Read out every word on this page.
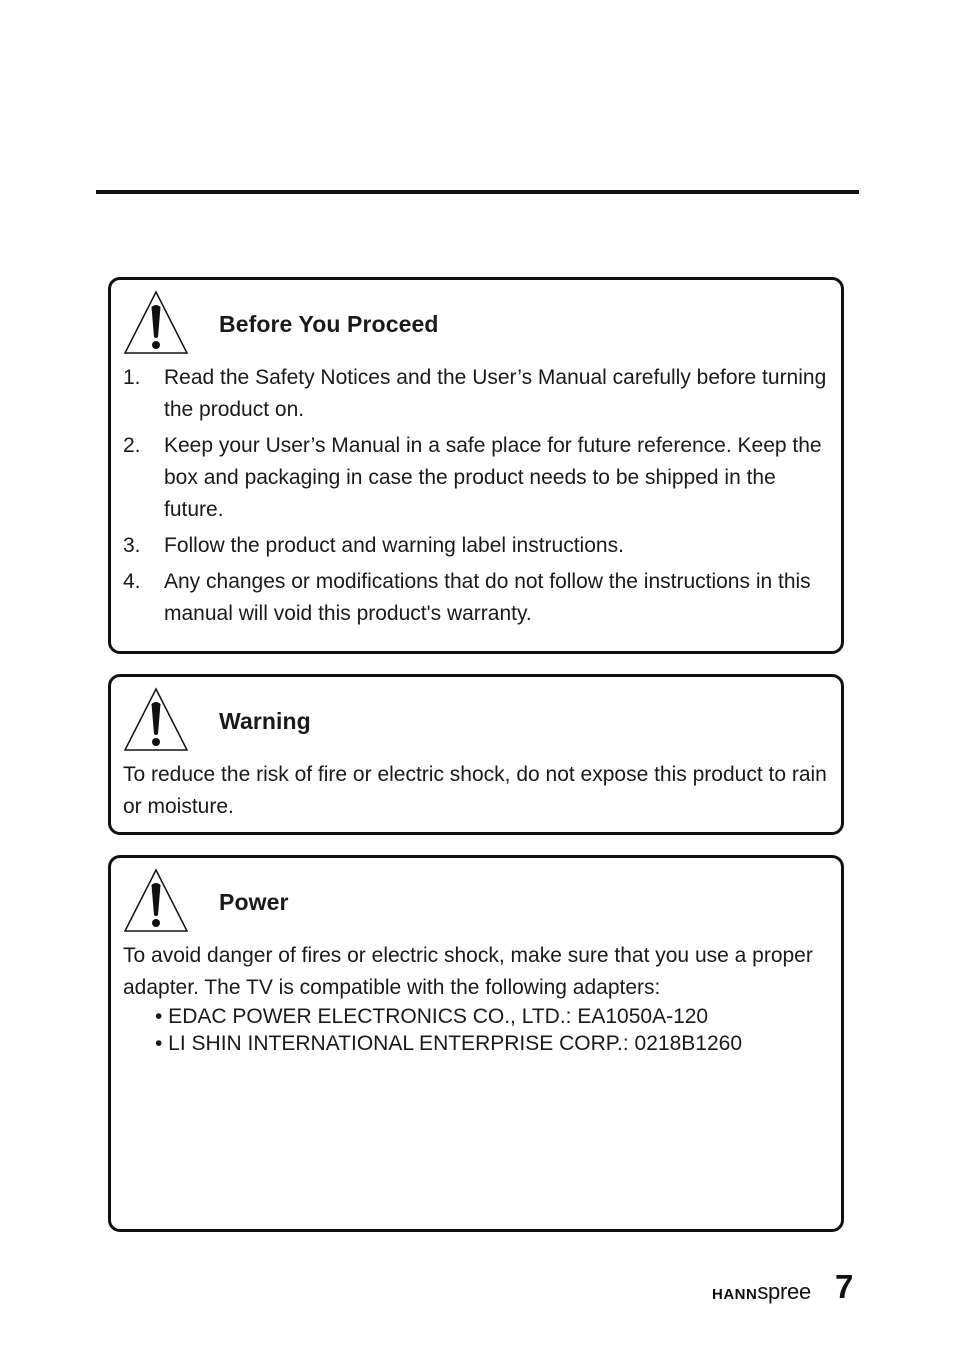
Before You Proceed
1. Read the Safety Notices and the User’s Manual carefully before turning the product on.
2. Keep your User’s Manual in a safe place for future reference. Keep the box and packaging in case the product needs to be shipped in the future.
3. Follow the product and warning label instructions.
4. Any changes or modifications that do not follow the instructions in this manual will void this product's warranty.
Warning

To reduce the risk of fire or electric shock, do not expose this product to rain or moisture.

Power

To avoid danger of fires or electric shock, make sure that you use a proper adapter. The TV is compatible with the following adapters:

• EDAC POWER ELECTRONICS CO., LTD.: EA1050A-120
• LI SHIN INTERNATIONAL ENTERPRISE CORP.: 0218B1260
HANNspree 7
